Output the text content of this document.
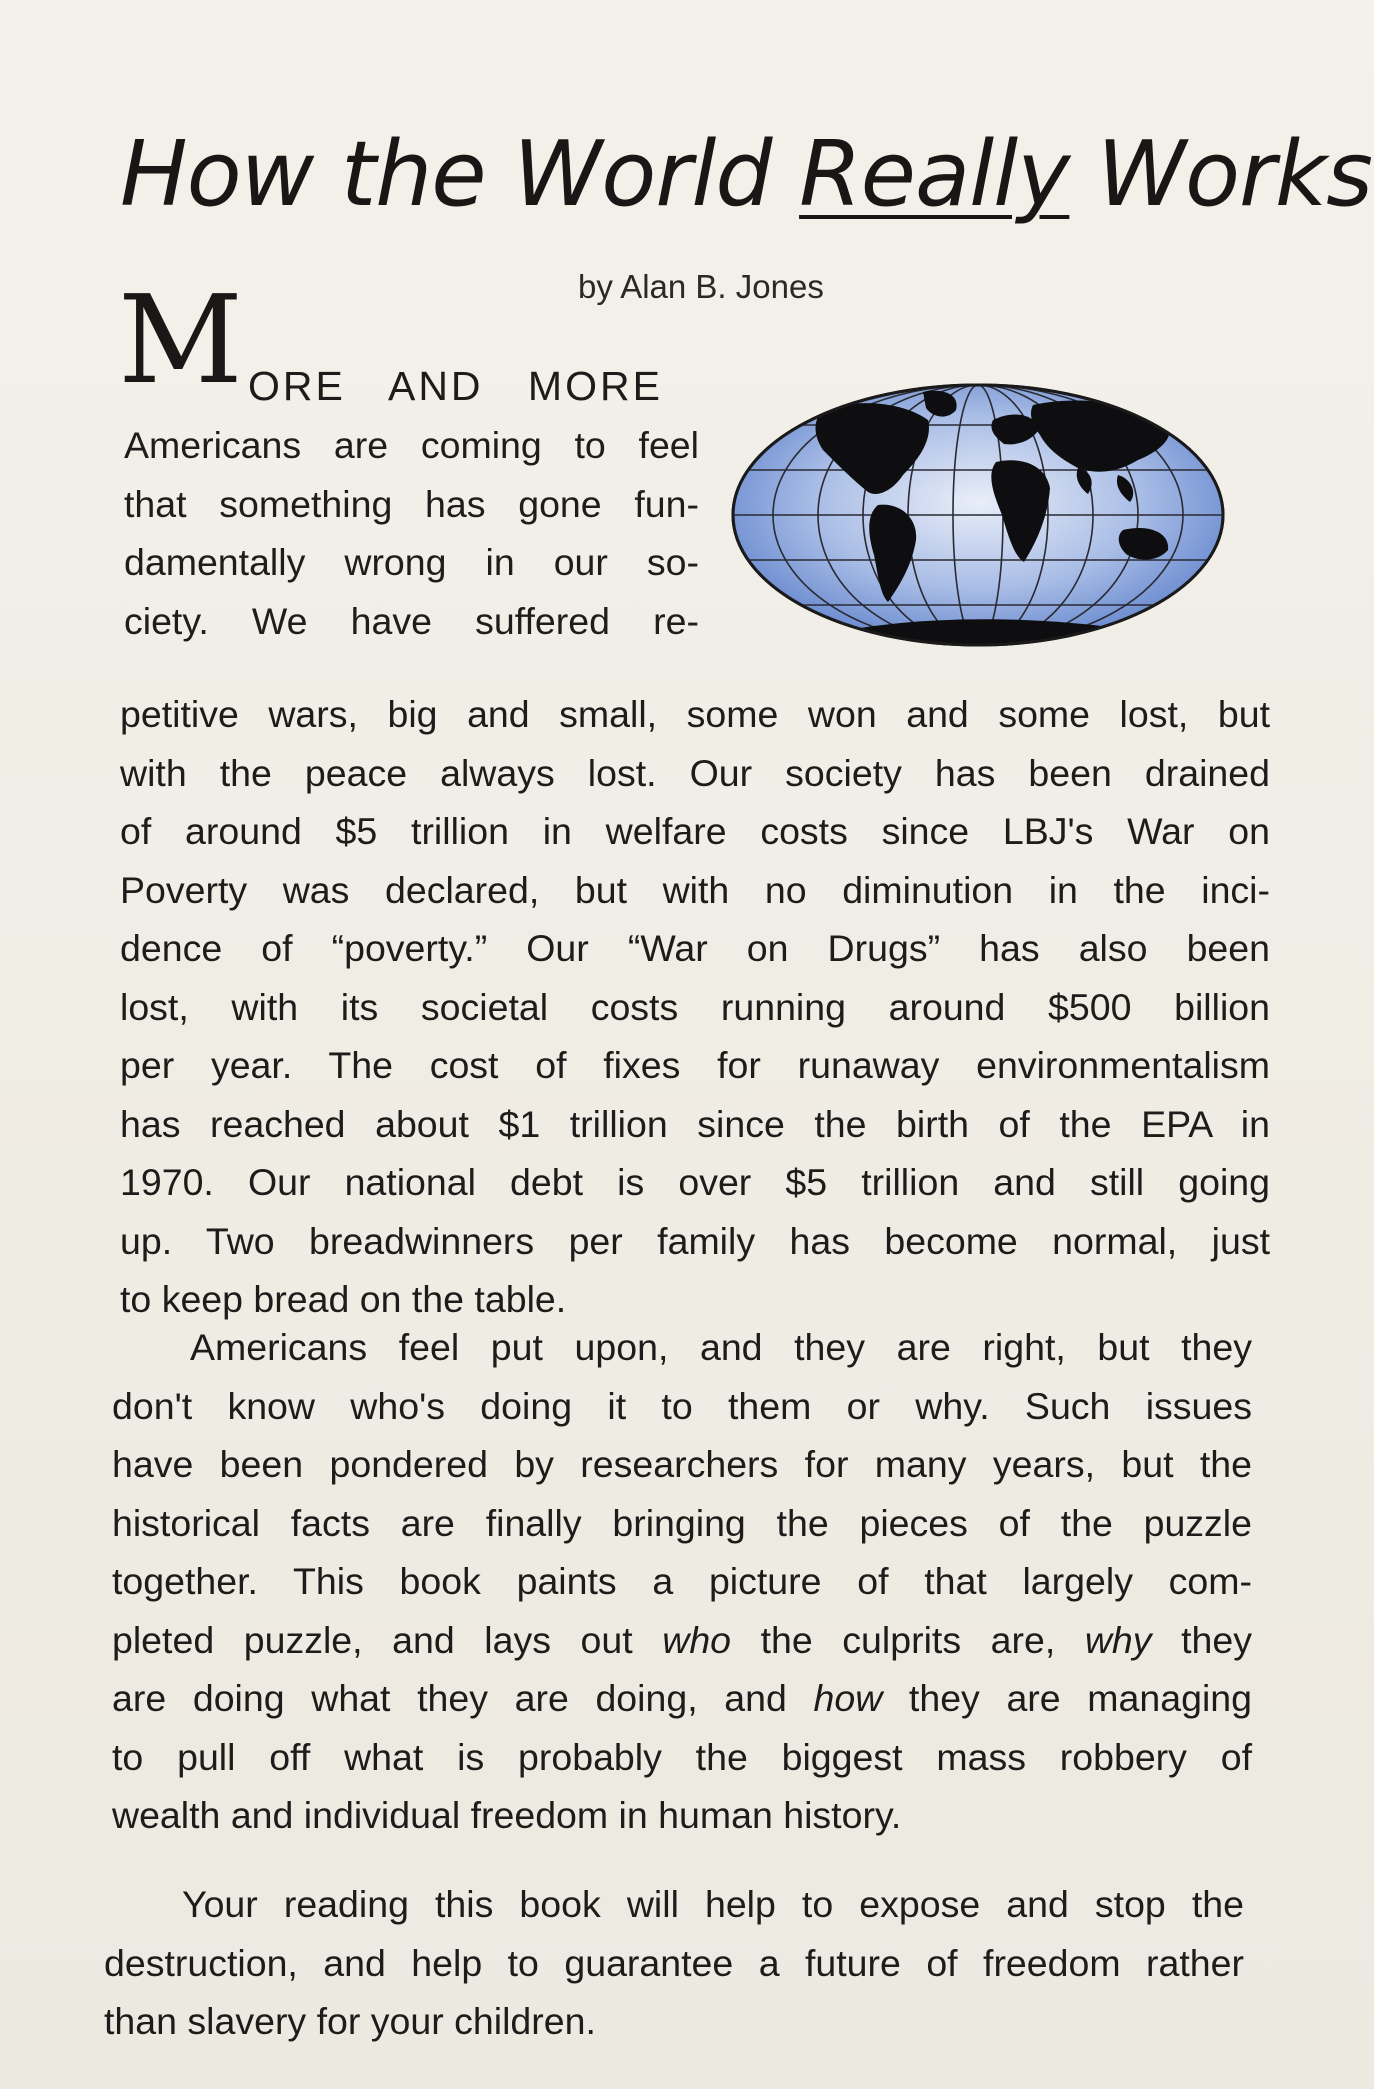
How the World Really Works
by Alan B. Jones
M ORE AND MORE
Americans are coming to feel
that something has gone fun-
damentally wrong in our so-
ciety. We have suffered re-
petitive wars, big and small, some won and some lost, but
with the peace always lost. Our society has been drained
of around $5 trillion in welfare costs since LBJ's War on
Poverty was declared, but with no diminution in the inci-
dence of “poverty.” Our “War on Drugs” has also been
lost, with its societal costs running around $500 billion
per year. The cost of fixes for runaway environmentalism
has reached about $1 trillion since the birth of the EPA in
1970. Our national debt is over $5 trillion and still going
up. Two breadwinners per family has become normal, just
to keep bread on the table.
Americans feel put upon, and they are right, but they
don't know who's doing it to them or why. Such issues
have been pondered by researchers for many years, but the
historical facts are finally bringing the pieces of the puzzle
together. This book paints a picture of that largely com-
pleted puzzle, and lays out who the culprits are, why they
are doing what they are doing, and how they are managing
to pull off what is probably the biggest mass robbery of
wealth and individual freedom in human history.
Your reading this book will help to expose and stop the
destruction, and help to guarantee a future of freedom rather
than slavery for your children.
